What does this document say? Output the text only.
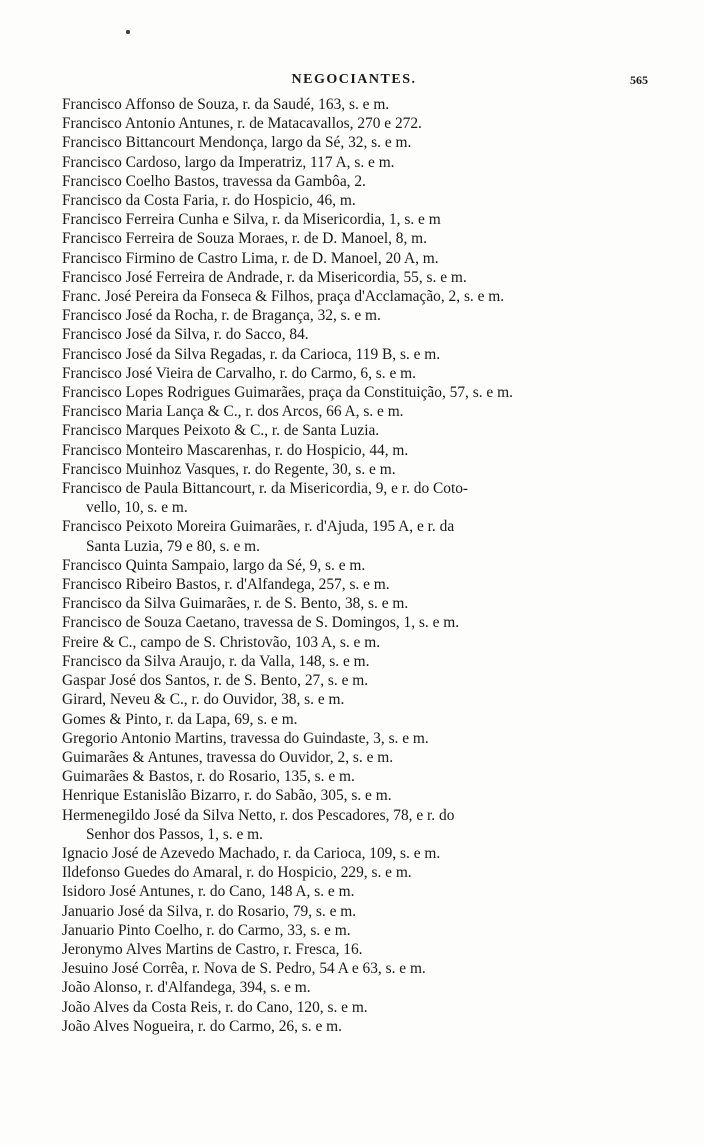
NEGOCIANTES.	565
Francisco Affonso de Souza, r. da Saudé, 163, s. e m.
Francisco Antonio Antunes, r. de Matacavallos, 270 e 272.
Francisco Bittancourt Mendonça, largo da Sé, 32, s. e m.
Francisco Cardoso, largo da Imperatriz, 117 A, s. e m.
Francisco Coelho Bastos, travessa da Gambôa, 2.
Francisco da Costa Faria, r. do Hospicio, 46, m.
Francisco Ferreira Cunha e Silva, r. da Misericordia, 1, s. e m
Francisco Ferreira de Souza Moraes, r. de D. Manoel, 8, m.
Francisco Firmino de Castro Lima, r. de D. Manoel, 20 A, m.
Francisco José Ferreira de Andrade, r. da Misericordia, 55, s. e m.
Franc. José Pereira da Fonseca & Filhos, praça d'Acclamação, 2, s. e m.
Francisco José da Rocha, r. de Bragança, 32, s. e m.
Francisco José da Silva, r. do Sacco, 84.
Francisco José da Silva Regadas, r. da Carioca, 119 B, s. e m.
Francisco José Vieira de Carvalho, r. do Carmo, 6, s. e m.
Francisco Lopes Rodrigues Guimarães, praça da Constituição, 57, s. e m.
Francisco Maria Lança & C., r. dos Arcos, 66 A, s. e m.
Francisco Marques Peixoto & C., r. de Santa Luzia.
Francisco Monteiro Mascarenhas, r. do Hospicio, 44, m.
Francisco Muinhoz Vasques, r. do Regente, 30, s. e m.
Francisco de Paula Bittancourt, r. da Misericordia, 9, e r. do Coto-
vello, 10, s. e m.
Francisco Peixoto Moreira Guimarães, r. d'Ajuda, 195 A, e r. da
Santa Luzia, 79 e 80, s. e m.
Francisco Quinta Sampaio, largo da Sé, 9, s. e m.
Francisco Ribeiro Bastos, r. d'Alfandega, 257, s. e m.
Francisco da Silva Guimarães, r. de S. Bento, 38, s. e m.
Francisco de Souza Caetano, travessa de S. Domingos, 1, s. e m.
Freire & C., campo de S. Christovão, 103 A, s. e m.
Francisco da Silva Araujo, r. da Valla, 148, s. e m.
Gaspar José dos Santos, r. de S. Bento, 27, s. e m.
Girard, Neveu & C., r. do Ouvidor, 38, s. e m.
Gomes & Pinto, r. da Lapa, 69, s. e m.
Gregorio Antonio Martins, travessa do Guindaste, 3, s. e m.
Guimarães & Antunes, travessa do Ouvidor, 2, s. e m.
Guimarães & Bastos, r. do Rosario, 135, s. e m.
Henrique Estanislão Bizarro, r. do Sabão, 305, s. e m.
Hermenegildo José da Silva Netto, r. dos Pescadores, 78, e r. do
Senhor dos Passos, 1, s. e m.
Ignacio José de Azevedo Machado, r. da Carioca, 109, s. e m.
Ildefonso Guedes do Amaral, r. do Hospicio, 229, s. e m.
Isidoro José Antunes, r. do Cano, 148 A, s. e m.
Januario José da Silva, r. do Rosario, 79, s. e m.
Januario Pinto Coelho, r. do Carmo, 33, s. e m.
Jeronymo Alves Martins de Castro, r. Fresca, 16.
Jesuino José Corrêa, r. Nova de S. Pedro, 54 A e 63, s. e m.
João Alonso, r. d'Alfandega, 394, s. e m.
João Alves da Costa Reis, r. do Cano, 120, s. e m.
João Alves Nogueira, r. do Carmo, 26, s. e m.
